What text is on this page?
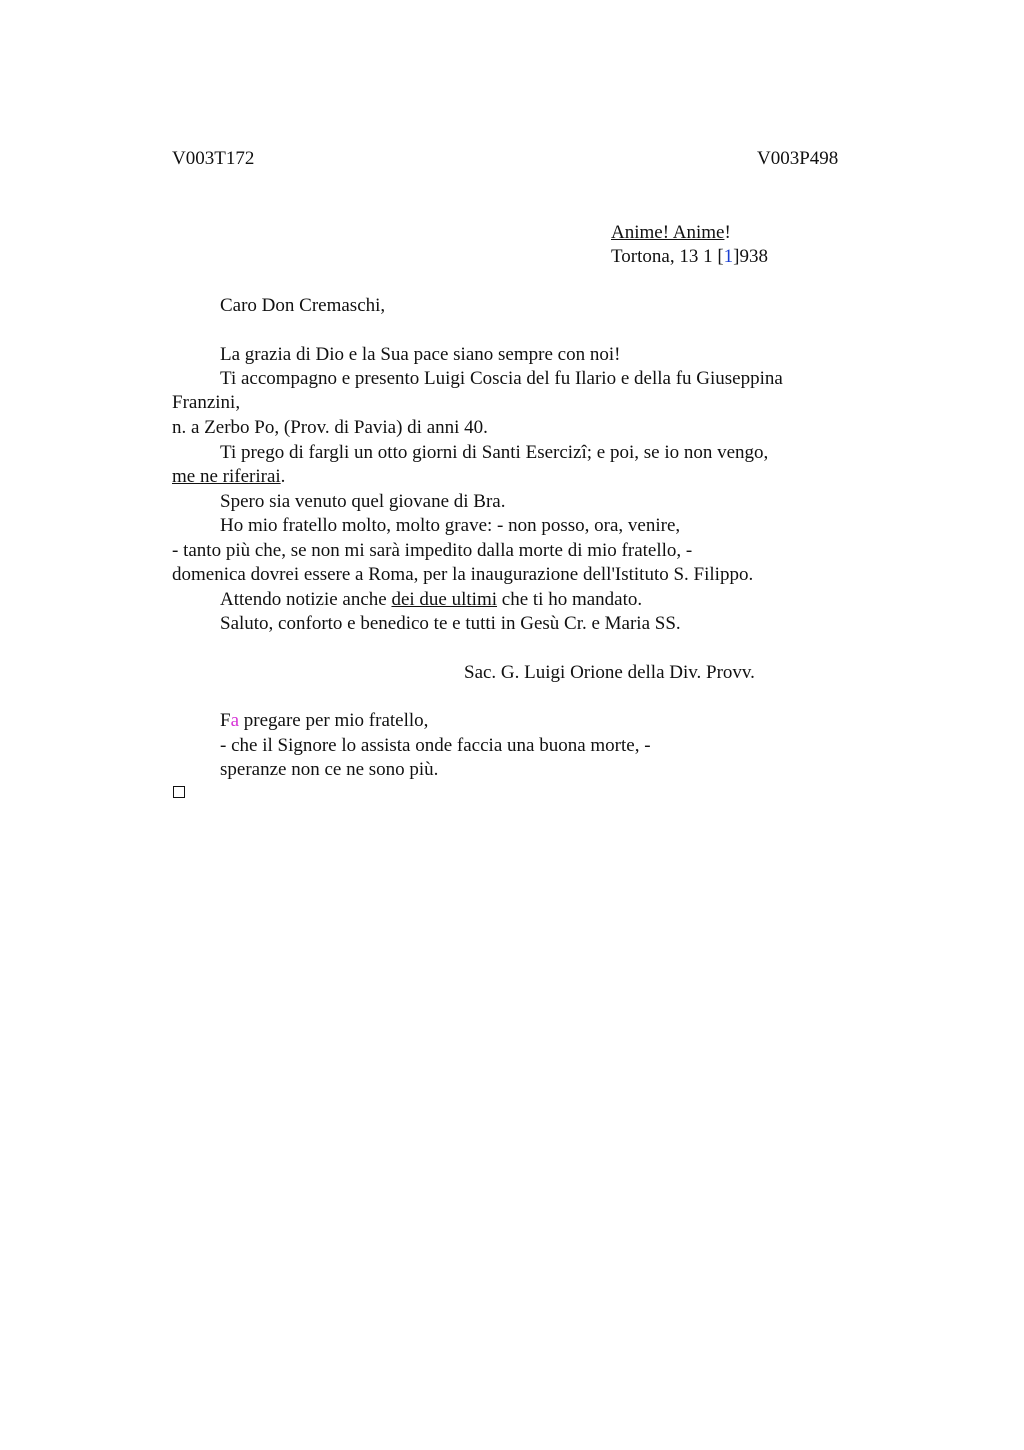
V003T172	V003P498
Anime! Anime!
Tortona, 13 1 [1]938
Caro Don Cremaschi,
La grazia di Dio e la Sua pace siano sempre con noi!
Ti accompagno e presento Luigi Coscia del fu Ilario e della fu Giuseppina
Franzini,
n. a Zerbo Po, (Prov. di Pavia) di anni 40.
Ti prego di fargli un otto giorni di Santi Esercizi; e poi, se io non vengo,
me ne riferirai.
Spero sia venuto quel giovane di Bra.
Ho mio fratello molto, molto grave: - non posso, ora, venire,
- tanto più che, se non mi sarà impedito dalla morte di mio fratello, -
domenica dovrei essere a Roma, per la inaugurazione dell'Istituto S. Filippo.
Attendo notizie anche dei due ultimi che ti ho mandato.
Saluto, conforto e benedico te e tutti in Gesù Cr. e Maria SS.
Sac. G. Luigi Orione della Div. Provv.
Fa pregare per mio fratello,
- che il Signore lo assista onde faccia una buona morte, -
speranze non ce ne sono più.
